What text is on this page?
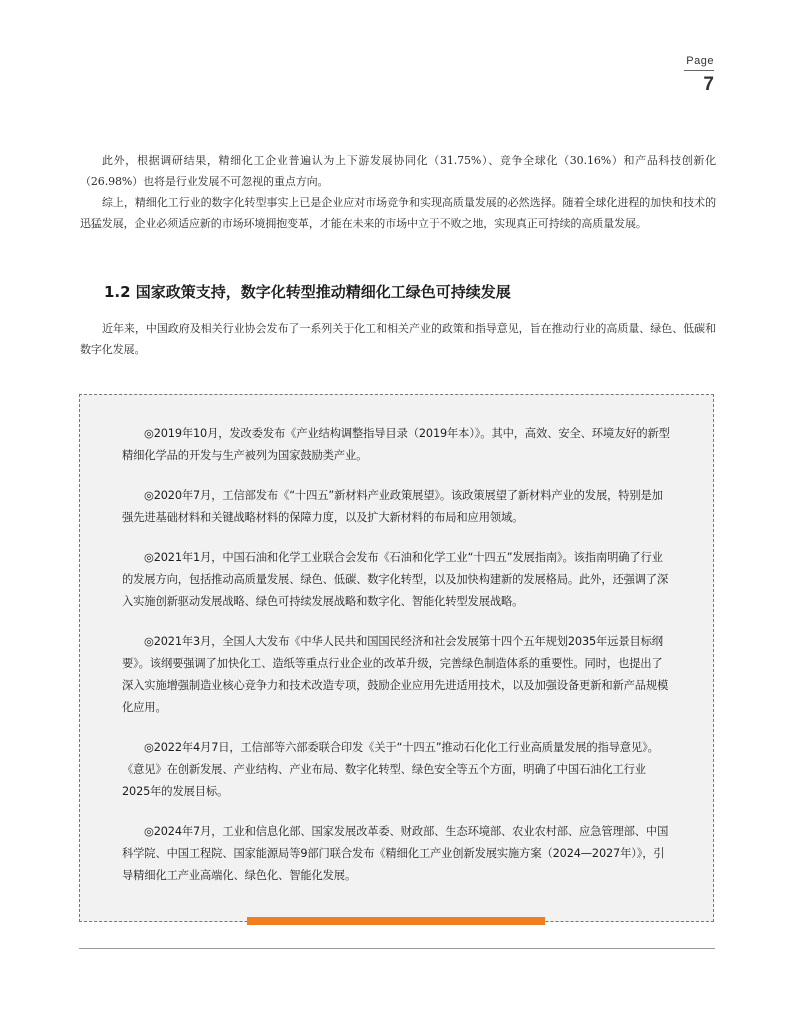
Page
7

此外，根据调研结果，精细化工企业普遍认为上下游发展协同化（31.75%）、竞争全球化（30.16%）和产品科技创新化（26.98%）也将是行业发展不可忽视的重点方向。

综上，精细化工行业的数字化转型事实上已是企业应对市场竞争和实现高质量发展的必然选择。随着全球化进程的加快和技术的迅猛发展，企业必须适应新的市场环境拥抱变革，才能在未来的市场中立于不败之地，实现真正可持续的高质量发展。

1.2 国家政策支持，数字化转型推动精细化工绿色可持续发展

近年来，中国政府及相关行业协会发布了一系列关于化工和相关产业的政策和指导意见，旨在推动行业的高质量、绿色、低碳和数字化发展。

◎2019年10月，发改委发布《产业结构调整指导目录（2019年本）》。其中，高效、安全、环境友好的新型精细化学品的开发与生产被列为国家鼓励类产业。

◎2020年7月，工信部发布《“十四五”新材料产业政策展望》。该政策展望了新材料产业的发展，特别是加强先进基础材料和关键战略材料的保障力度，以及扩大新材料的布局和应用领域。

◎2021年1月，中国石油和化学工业联合会发布《石油和化学工业“十四五”发展指南》。该指南明确了行业的发展方向，包括推动高质量发展、绿色、低碳、数字化转型，以及加快构建新的发展格局。此外，还强调了深入实施创新驱动发展战略、绿色可持续发展战略和数字化、智能化转型发展战略。

◎2021年3月，全国人大发布《中华人民共和国国民经济和社会发展第十四个五年规划2035年远景目标纲要》。该纲要强调了加快化工、造纸等重点行业企业的改革升级，完善绿色制造体系的重要性。同时，也提出了深入实施增强制造业核心竞争力和技术改造专项，鼓励企业应用先进适用技术，以及加强设备更新和新产品规模化应用。

◎2022年4月7日，工信部等六部委联合印发《关于“十四五”推动石化化工行业高质量发展的指导意见》。《意见》在创新发展、产业结构、产业布局、数字化转型、绿色安全等五个方面，明确了中国石油化工行业2025年的发展目标。

◎2024年7月，工业和信息化部、国家发展改革委、财政部、生态环境部、农业农村部、应急管理部、中国科学院、中国工程院、国家能源局等9部门联合发布《精细化工产业创新发展实施方案（2024—2027年）》，引导精细化工产业高端化、绿色化、智能化发展。
